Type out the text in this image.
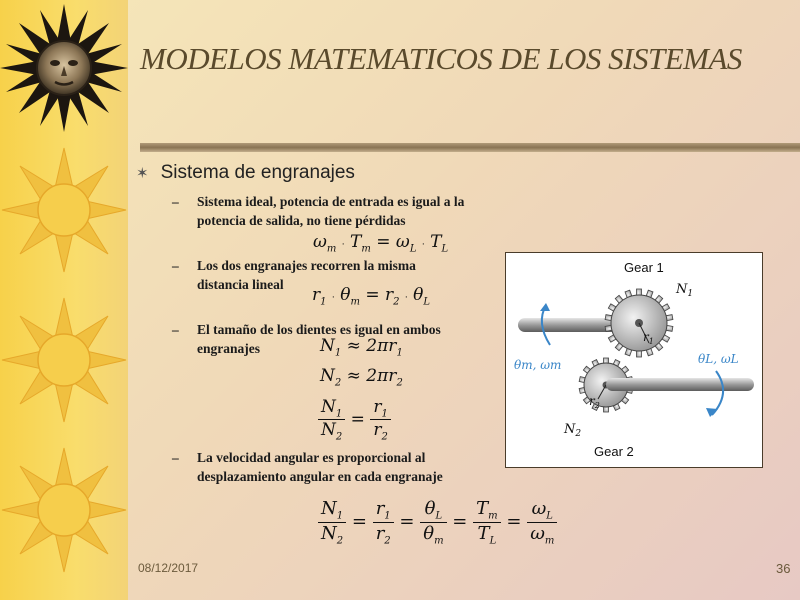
MODELOS MATEMATICOS DE LOS SISTEMAS
✶ Sistema de engranajes
– Sistema ideal, potencia de entrada es igual a la potencia de salida, no tiene pérdidas
$\omega_m \cdot T_m = \omega_L \cdot T_L$
– Los dos engranajes recorren la misma distancia lineal
$r_1 \cdot \theta_m = r_2 \cdot \theta_L$
– El tamaño de los dientes es igual en ambos engranajes	$N_1 \approx 2\pi r_1$
$N_2 \approx 2\pi r_2$
$\frac{N_1}{N_2} = \frac{r_1}{r_2}$
– La velocidad angular es proporcional al desplazamiento angular en cada engranaje
$\frac{N_1}{N_2} = \frac{r_1}{r_2} = \frac{\theta_L}{\theta_m} = \frac{T_m}{T_L} = \frac{\omega_L}{\omega_m}$
Gear 1
Gear 2
$N_1$
$N_2$
$r_1$
$r_2$
θm, ωm	θL, ωL
08/12/2017	36
